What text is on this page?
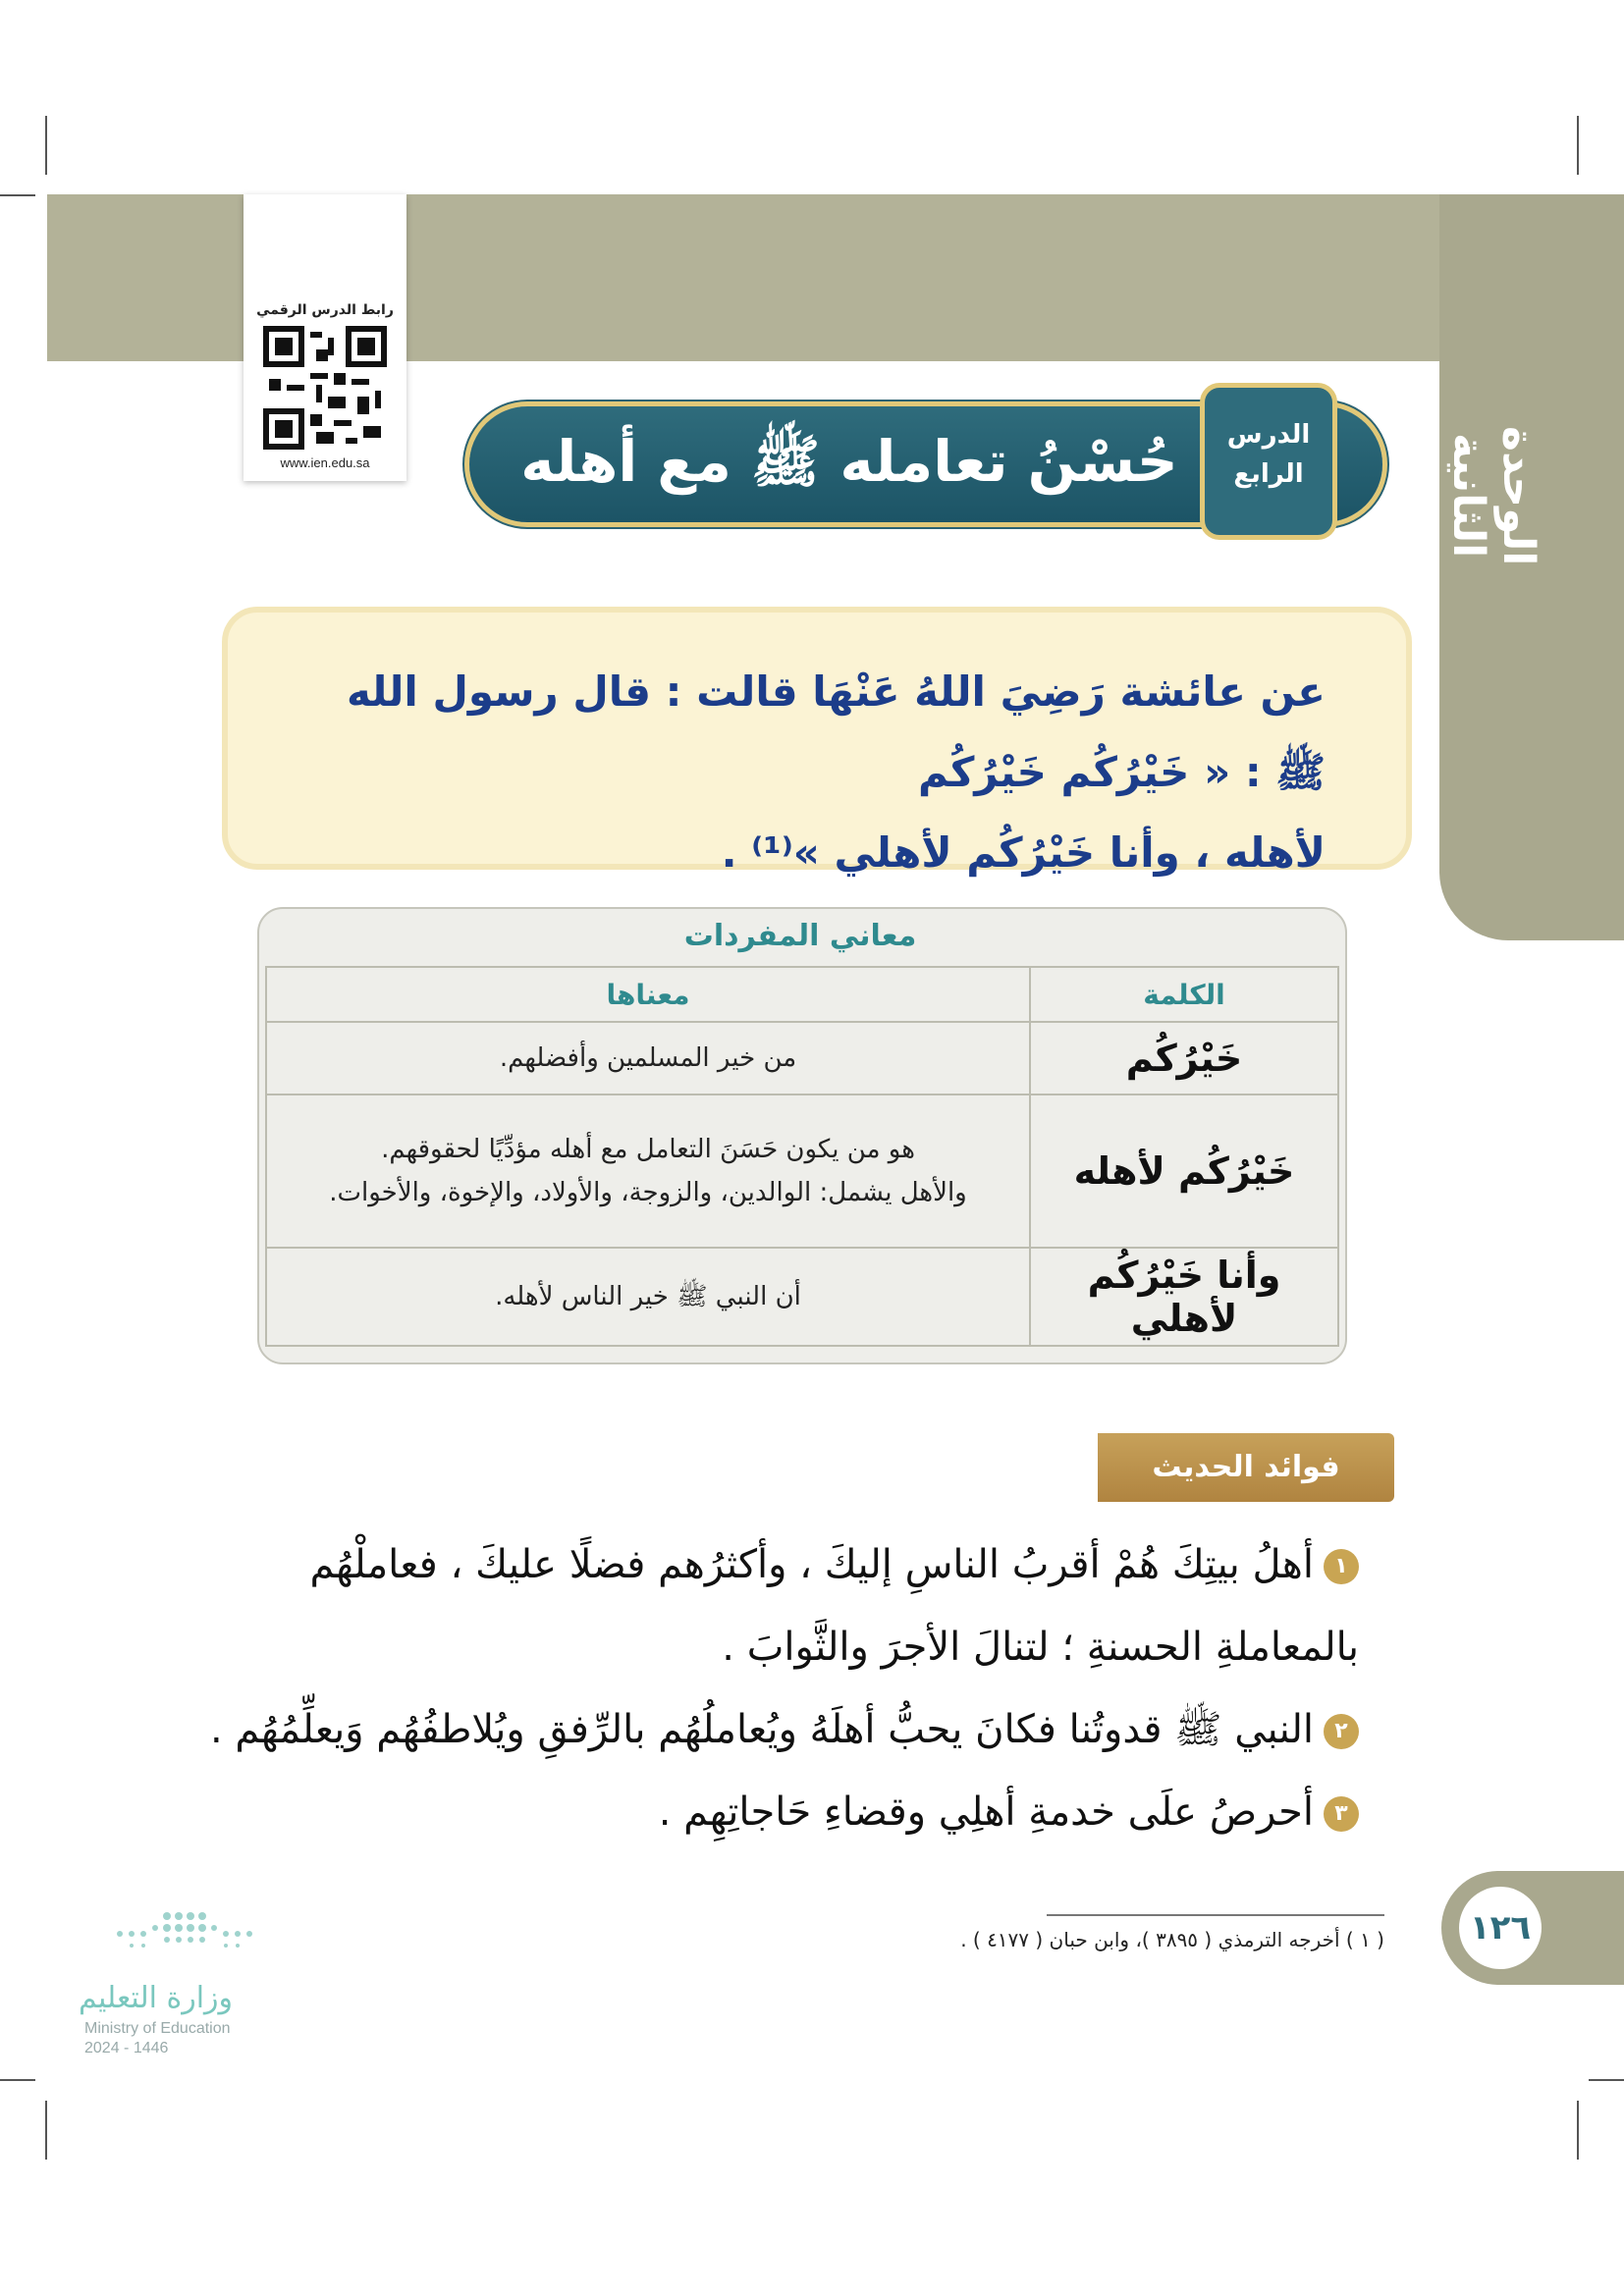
الوحدة الثانية
رابط الدرس الرقمي
www.ien.edu.sa	حُسْنُ تعامله ﷺ مع أهله	الدرس
الرابع
عن عائشة رَضِيَ اللهُ عَنْهَا قالت : قال رسول الله ﷺ : « خَيْرُكُم خَيْرُكُم
لأهله ، وأنا خَيْرُكُم لأهلي »⁽¹⁾ .
معاني المفردات
الكلمة	معناها
خَيْرُكُم	من خير المسلمين وأفضلهم.
خَيْرُكُم لأهله	هو من يكون حَسَنَ التعامل مع أهله مؤدِّيًا لحقوقهم.
والأهل يشمل: الوالدين، والزوجة، والأولاد، والإخوة، والأخوات.

وأنا خَيْرُكُم لأهلي	أن النبي ﷺ خير الناس لأهله.
فوائد الحديث
١أهلُ بيتِكَ هُمْ أقربُ الناسِ إليكَ ، وأكثرُهم فضلًا عليكَ ، فعاملْهُم بالمعاملةِ الحسنةِ ؛ لتنالَ الأجرَ والثَّوابَ .
٢النبي ﷺ قدوتُنا فكانَ يحبُّ أهلَهُ ويُعاملُهُم بالرِّفقِ ويُلاطفُهُم وَيعلِّمُهُم .
٣أحرصُ علَى خدمةِ أهلِي وقضاءِ حَاجاتِهِم .
١٢٦
( ١ ) أخرجه الترمذي ( ٣٨٩٥ )، وابن حبان ( ٤١٧٧ ) .
وزارة التعليم
Ministry of Education
2024 - 1446
